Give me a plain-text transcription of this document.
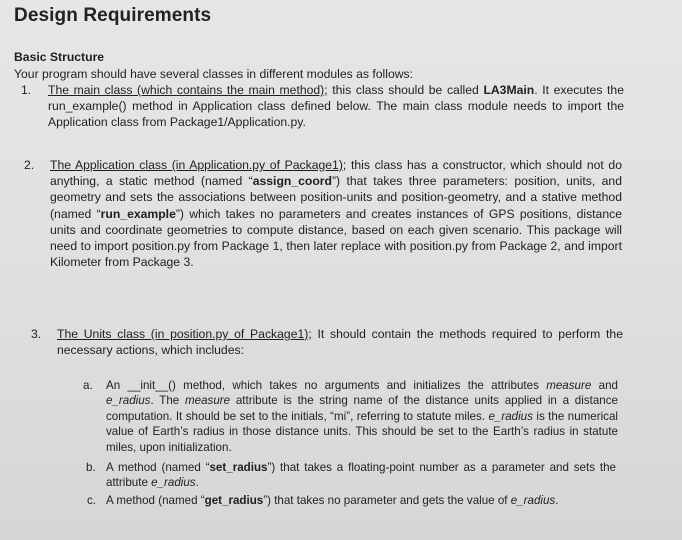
Design Requirements
Basic Structure
Your program should have several classes in different modules as follows:
1. The main class (which contains the main method); this class should be called LA3Main. It executes the run_example() method in Application class defined below. The main class module needs to import the Application class from Package1/Application.py.
2. The Application class (in Application.py of Package1); this class has a constructor, which should not do anything, a static method (named “assign_coord”) that takes three parameters: position, units, and geometry and sets the associations between position-units and position-geometry, and a stative method (named “run_example”) which takes no parameters and creates instances of GPS positions, distance units and coordinate geometries to compute distance, based on each given scenario. This package will need to import position.py from Package 1, then later replace with position.py from Package 2, and import Kilometer from Package 3.
3. The Units class (in position.py of Package1); It should contain the methods required to perform the necessary actions, which includes:
a. An __init__() method, which takes no arguments and initializes the attributes measure and e_radius. The measure attribute is the string name of the distance units applied in a distance computation. It should be set to the initials, “mi”, referring to statute miles. e_radius is the numerical value of Earth’s radius in those distance units. This should be set to the Earth’s radius in statute miles, upon initialization.
b. A method (named “set_radius”) that takes a floating-point number as a parameter and sets the attribute e_radius.
c. A method (named “get_radius”) that takes no parameter and gets the value of e_radius.
